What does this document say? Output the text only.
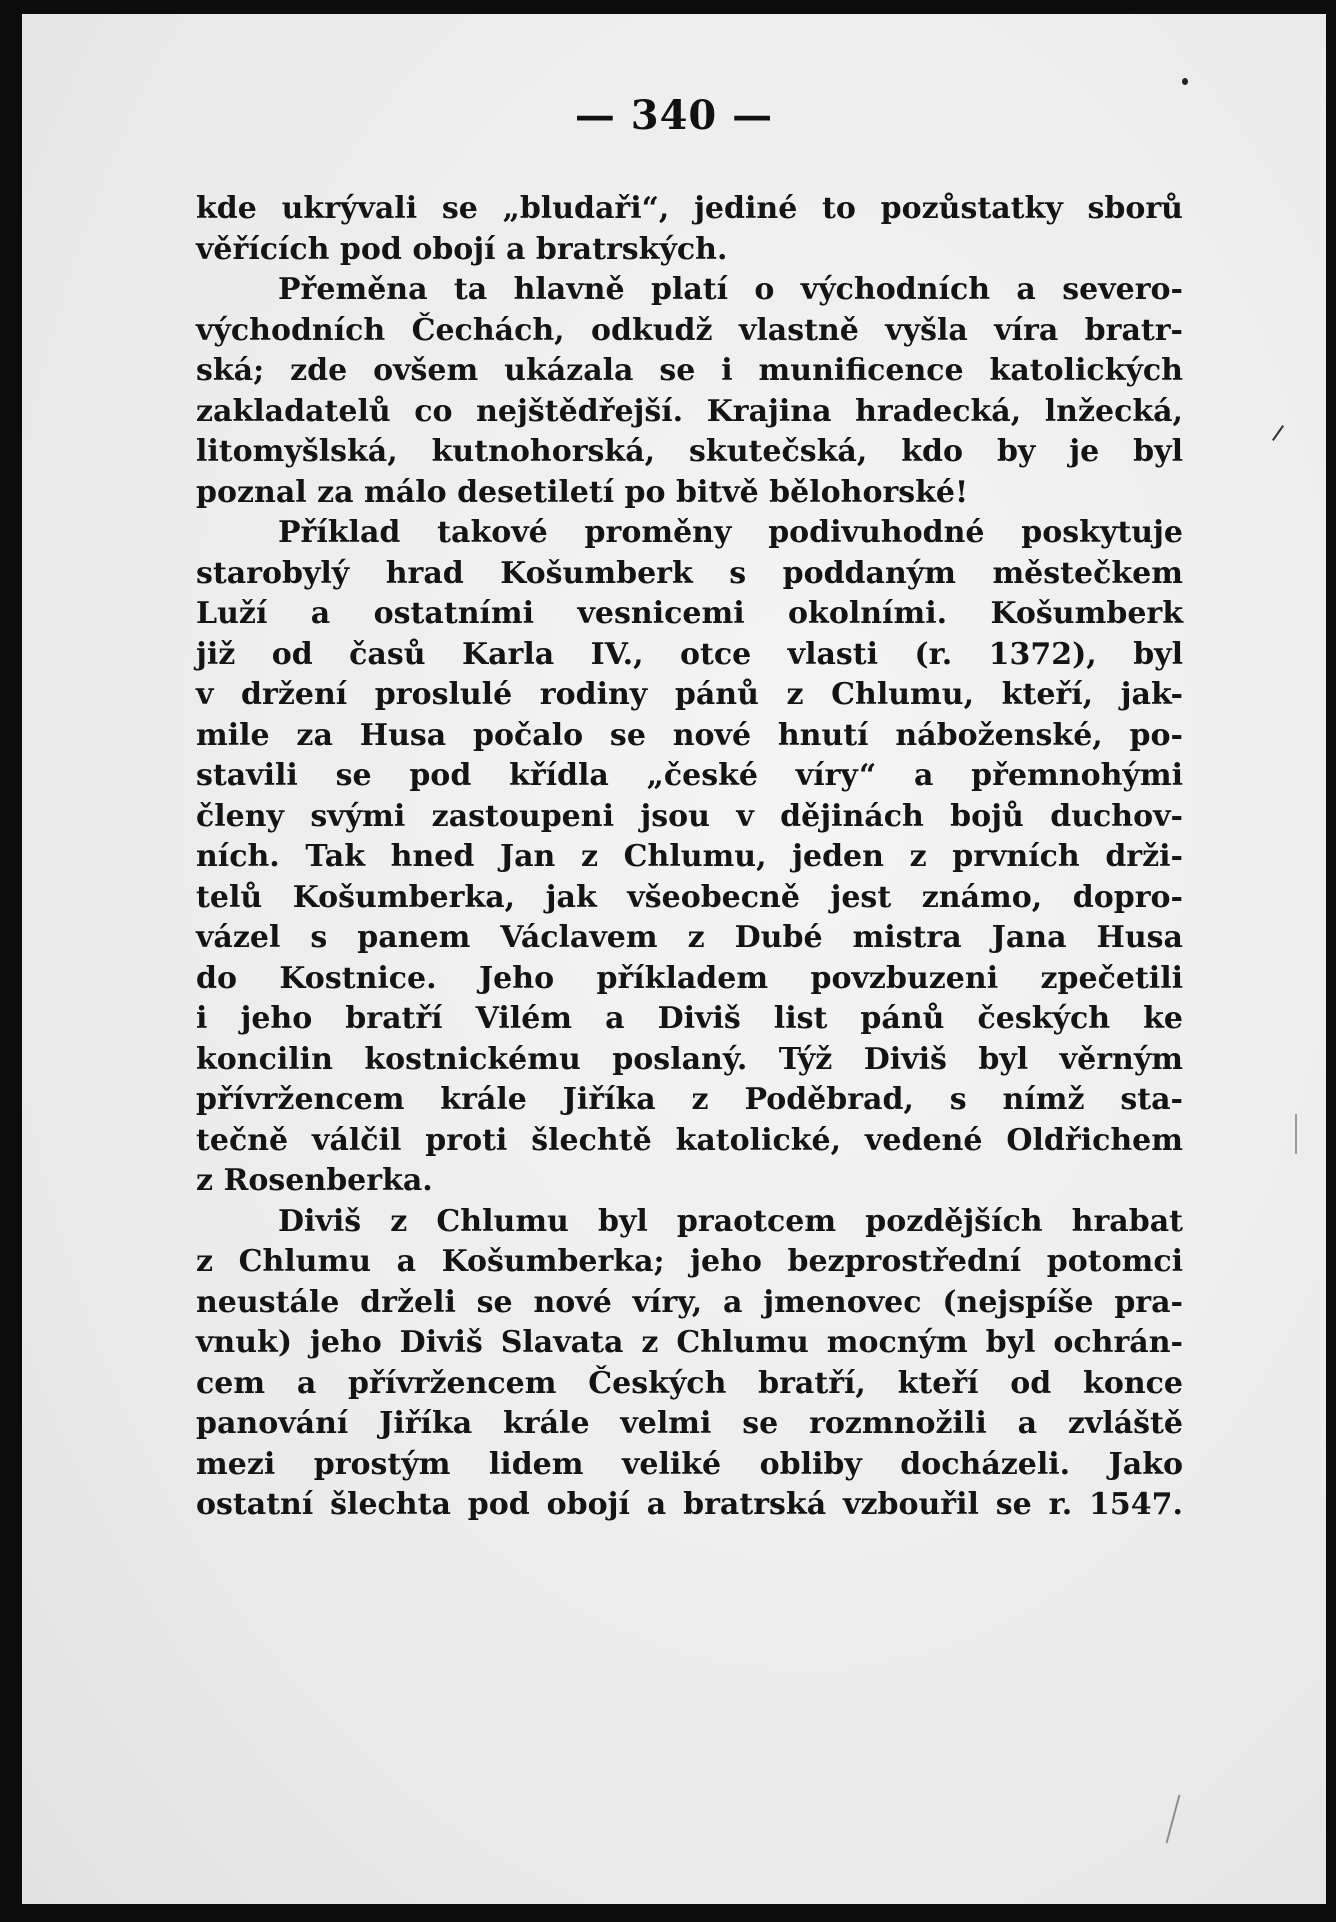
— 340 —
kde ukrývali se „bludaři“, jediné to pozůstatky sborů
věřících pod obojí a bratrských.
Přeměna ta hlavně platí o východních a severo-
východních Čechách, odkudž vlastně vyšla víra bratr-
ská; zde ovšem ukázala se i munificence katolických
zakladatelů co nejštědřejší. Krajina hradecká, lnžecká,
litomyšlská, kutnohorská, skutečská, kdo by je byl
poznal za málo desetiletí po bitvě bělohorské!
Příklad takové proměny podivuhodné poskytuje
starobylý hrad Košumberk s poddaným městečkem
Luží a ostatními vesnicemi okolními. Košumberk
již od časů Karla IV., otce vlasti (r. 1372), byl
v držení proslulé rodiny pánů z Chlumu, kteří, jak-
mile za Husa počalo se nové hnutí náboženské, po-
stavili se pod křídla „české víry“ a přemnohými
členy svými zastoupeni jsou v dějinách bojů duchov-
ních. Tak hned Jan z Chlumu, jeden z prvních drži-
telů Košumberka, jak všeobecně jest známo, dopro-
vázel s panem Václavem z Dubé mistra Jana Husa
do Kostnice. Jeho příkladem povzbuzeni zpečetili
i jeho bratří Vilém a Diviš list pánů českých ke
koncilin kostnickému poslaný. Týž Diviš byl věrným
přívržencem krále Jiříka z Poděbrad, s nímž sta-
tečně válčil proti šlechtě katolické, vedené Oldřichem
z Rosenberka.
Diviš z Chlumu byl praotcem pozdějších hrabat
z Chlumu a Košumberka; jeho bezprostřední potomci
neustále drželi se nové víry, a jmenovec (nejspíše pra-
vnuk) jeho Diviš Slavata z Chlumu mocným byl ochrán-
cem a přívržencem Českých bratří, kteří od konce
panování Jiříka krále velmi se rozmnožili a zvláště
mezi prostým lidem veliké obliby docházeli. Jako
ostatní šlechta pod obojí a bratrská vzbouřil se r. 1547.
